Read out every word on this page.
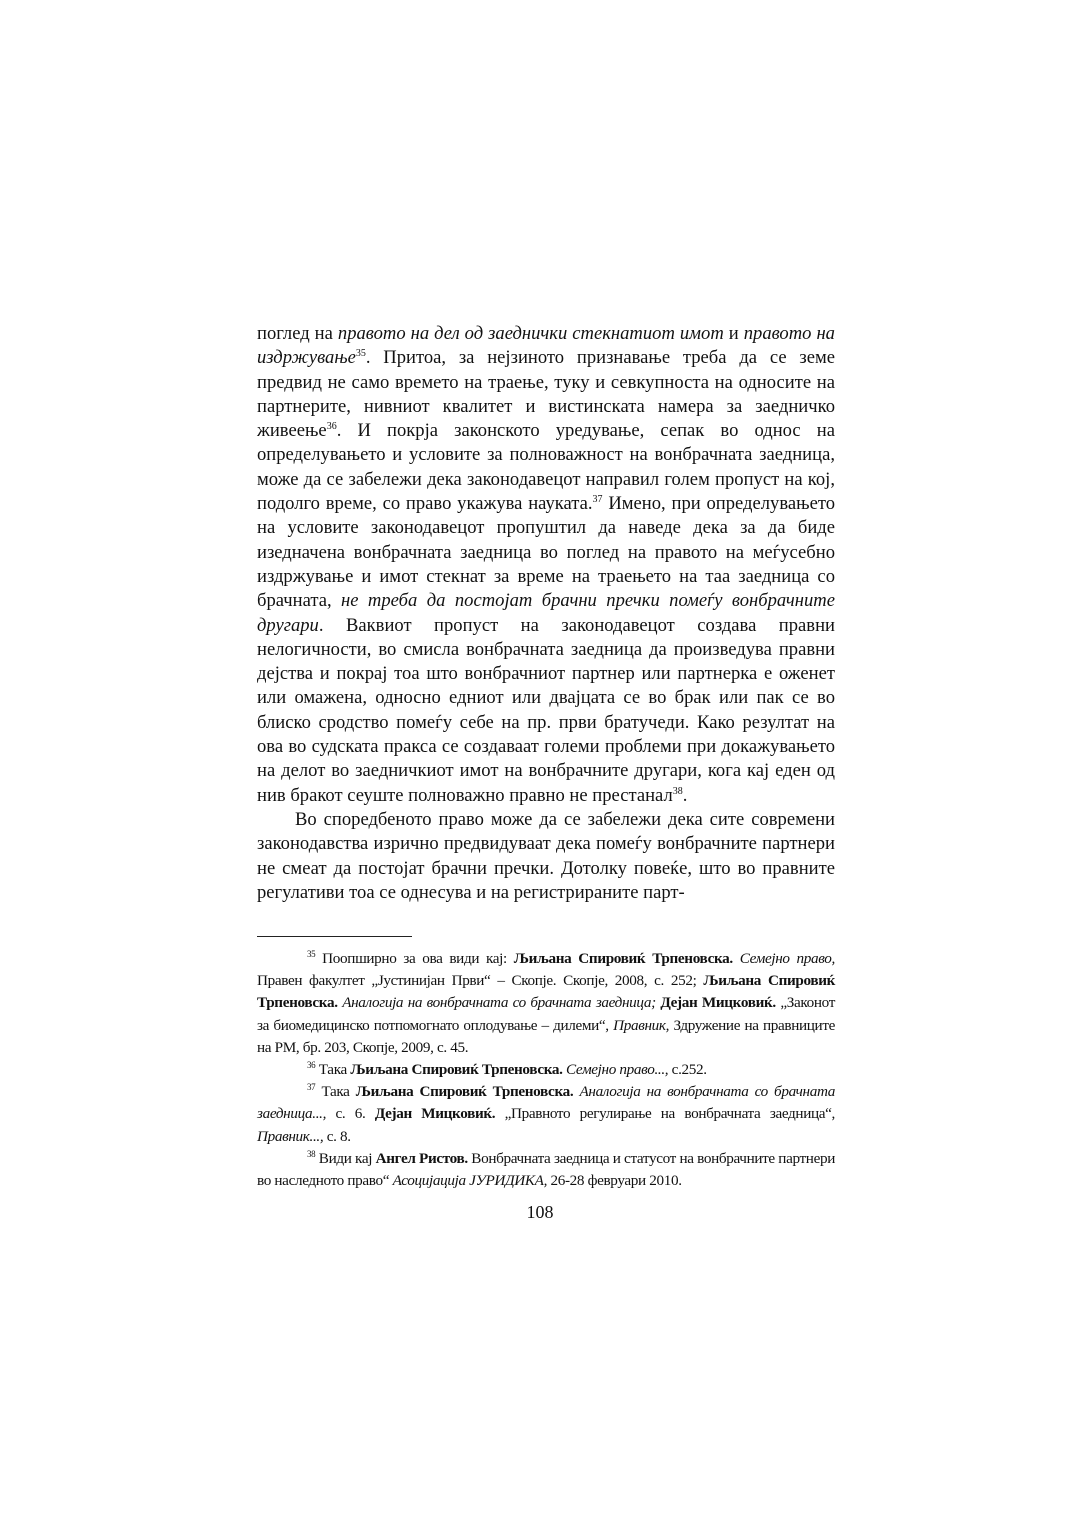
поглед на правото на дел од заеднички стекнатиот имот и правото на издржување$^{35}$. Притоа, за нејзиното признавање треба да се земе предвид не само времето на траење, туку и севкупноста на односите на партнерите, нивниот квалитет и вистинската намера за заедничко живеење$^{36}$. И покрја законското уредување, сепак во однос на определувањето и условите за полноважност на вонбрачната заедница, може да се забележи дека законодавецот направил голем пропуст на кој, подолго време, со право укажува науката.$^{37}$ Имено, при определувањето на условите законодавецот пропуштил да наведе дека за да биде изедначена вонбрачната заедница во поглед на правото на меѓусебно издржување и имот стекнат за време на траењето на таа заедница со брачната, не треба да постојат брачни пречки помеѓу вонбрачните другари. Ваквиот пропуст на законодавецот создава правни нелогичности, во смисла вонбрачната заедница да произведува правни дејства и покрај тоа што вонбрачниот партнер или партнерка е оженет или омажена, односно едниот или двајцата се во брак или пак се во блиско сродство помеѓу себе на пр. први братучеди. Како резултат на ова во судската пракса се создаваат големи проблеми при докажувањето на делот во заедничкиот имот на вонбрачните другари, кога кај еден од нив бракот сеуште полноважно правно не престанал$^{38}$.

Во споредбеното право може да се забележи дека сите современи законодавства изрично предвидуваат дека помеѓу вонбрачните партнери не смеат да постојат брачни пречки. Дотолку повеќе, што во правните регулативи тоа се однесува и на регистрираните парт-

$^{35}$ Поопширно за ова види кај: Љиљана Спировиќ Трпеновска. Семејно право, Правен факултет „Јустинијан Први“ – Скопје. Скопје, 2008, с. 252; Љиљана Спировиќ Трпеновска. Аналогија на вонбрачната со брачната заедница; Дејан Мицковиќ. „Законот за биомедицинско потпомогнато оплодување – дилеми“, Правник, Здружение на правниците на РМ, бр. 203, Скопје, 2009, с. 45.

$^{36}$ Така Љиљана Спировиќ Трпеновска. Семејно право..., с.252.

$^{37}$ Така Љиљана Спировиќ Трпеновска. Аналогија на вонбрачната со брачната заедница..., с. 6. Дејан Мицковиќ. „Правното регулирање на вонбрачната заедница“, Правник..., с. 8.

$^{38}$ Види кај Ангел Ристов. Вонбрачната заедница и статусот на вонбрачните партнери во наследното право“ Асоцијација ЈУРИДИКА, 26-28 февруари 2010.

108
